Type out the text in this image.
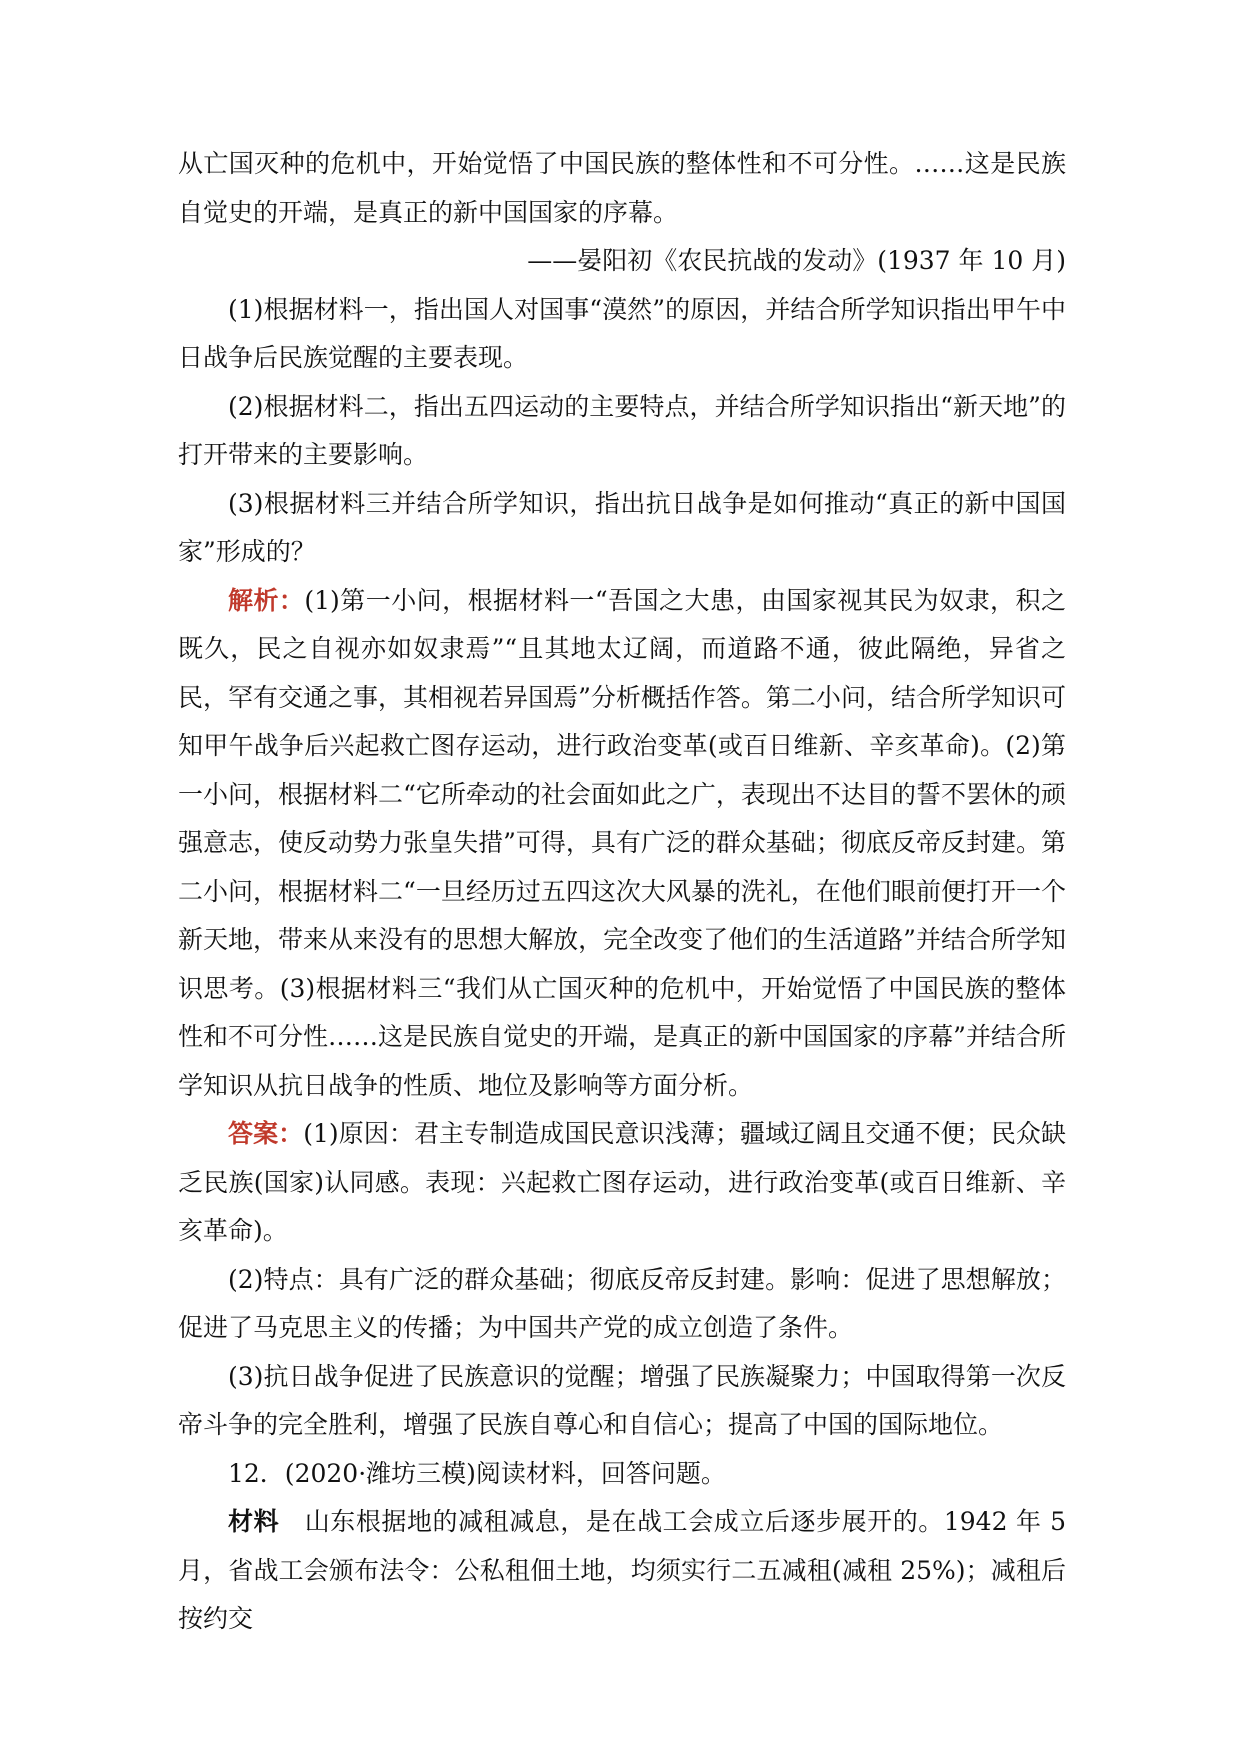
从亡国灭种的危机中，开始觉悟了中国民族的整体性和不可分性。……这是民族自觉史的开端，是真正的新中国国家的序幕。

——晏阳初《农民抗战的发动》(1937 年 10 月)

(1)根据材料一，指出国人对国事“漠然”的原因，并结合所学知识指出甲午中日战争后民族觉醒的主要表现。

(2)根据材料二，指出五四运动的主要特点，并结合所学知识指出“新天地”的打开带来的主要影响。

(3)根据材料三并结合所学知识，指出抗日战争是如何推动“真正的新中国国家”形成的？

解析：(1)第一小问，根据材料一“吾国之大患，由国家视其民为奴隶，积之既久，民之自视亦如奴隶焉”“且其地太辽阔，而道路不通，彼此隔绝，异省之民，罕有交通之事，其相视若异国焉”分析概括作答。第二小问，结合所学知识可知甲午战争后兴起救亡图存运动，进行政治变革(或百日维新、辛亥革命)。(2)第一小问，根据材料二“它所牵动的社会面如此之广，表现出不达目的誓不罢休的顽强意志，使反动势力张皇失措”可得，具有广泛的群众基础；彻底反帝反封建。第二小问，根据材料二“一旦经历过五四这次大风暴的洗礼，在他们眼前便打开一个新天地，带来从来没有的思想大解放，完全改变了他们的生活道路”并结合所学知识思考。(3)根据材料三“我们从亡国灭种的危机中，开始觉悟了中国民族的整体性和不可分性……这是民族自觉史的开端，是真正的新中国国家的序幕”并结合所学知识从抗日战争的性质、地位及影响等方面分析。

答案：(1)原因：君主专制造成国民意识浅薄；疆域辽阔且交通不便；民众缺乏民族(国家)认同感。表现：兴起救亡图存运动，进行政治变革(或百日维新、辛亥革命)。

(2)特点：具有广泛的群众基础；彻底反帝反封建。影响：促进了思想解放；促进了马克思主义的传播；为中国共产党的成立创造了条件。

(3)抗日战争促进了民族意识的觉醒；增强了民族凝聚力；中国取得第一次反帝斗争的完全胜利，增强了民族自尊心和自信心；提高了中国的国际地位。

12．(2020·潍坊三模)阅读材料，回答问题。

材料　山东根据地的减租减息，是在战工会成立后逐步展开的。1942 年 5 月，省战工会颁布法令：公私租佃土地，均须实行二五减租(减租 25%)；减租后按约交
